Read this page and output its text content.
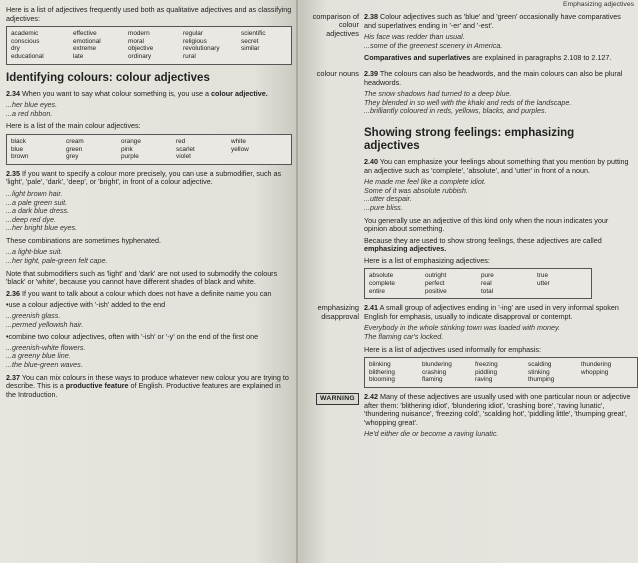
Here is a list of adjectives frequently used both as qualitative adjectives and as classifying adjectives:
academic	effective	modern	regular	scientific
conscious	emotional	moral	religious	secret
dry	extreme	objective	revolutionary	similar
educational	late	ordinary	rural
Identifying colours: colour adjectives
2.34 When you want to say what colour something is, you use a colour adjective.
...her blue eyes.
...a red ribbon.
Here is a list of the main colour adjectives:
black	cream	orange	red	white
blue	green	pink	scarlet	yellow
brown	grey	purple	violet
2.35 If you want to specify a colour more precisely, you can use a submodifier, such as 'light', 'pale', 'dark', 'deep', or 'bright', in front of a colour adjective.
...light brown hair.
...a pale green suit.
...a dark blue dress.
...deep red dye.
...her bright blue eyes.
These combinations are sometimes hyphenated.
...a light-blue suit.
...her tight, pale-green felt cape.
Note that submodifiers such as 'light' and 'dark' are not used to submodify the colours 'black' or 'white', because you cannot have different shades of black and white.
2.36 If you want to talk about a colour which does not have a definite name you can
• use a colour adjective with '-ish' added to the end
...greenish glass.
...permed yellowish hair.
• combine two colour adjectives, often with '-ish' or '-y' on the end of the first one
...greenish-white flowers.
...a greeny blue line.
...the blue-green waves.
2.37 You can mix colours in these ways to produce whatever new colour you are trying to describe. This is a productive feature of English. Productive features are explained in the Introduction.
Emphasizing adjectives
comparison of colour adjectives
2.38 Colour adjectives such as 'blue' and 'green' occasionally have comparatives and superlatives ending in '-er' and '-est'.
His face was redder than usual.
...some of the greenest scenery in America.
Comparatives and superlatives are explained in paragraphs 2.108 to 2.127.
colour nouns 2.39 The colours can also be headwords, and the main colours can also be plural headwords.
The snow shadows had turned to a deep blue.
They blended in so well with the khaki and reds of the landscape.
...brilliantly coloured in reds, yellows, blacks, and purples.
Showing strong feelings: emphasizing adjectives
2.40 You can emphasize your feelings about something that you mention by putting an adjective such as 'complete', 'absolute', and 'utter' in front of a noun.
He made me feel like a complete idiot.
Some of it was absolute rubbish.
...utter despair.
...pure bliss.
You generally use an adjective of this kind only when the noun indicates your opinion about something.
Because they are used to show strong feelings, these adjectives are called emphasizing adjectives.
Here is a list of emphasizing adjectives:
absolute	outright	pure	true
complete	perfect	real	utter
entire	positive	total
emphasizing disapproval
2.41 A small group of adjectives ending in '-ing' are used in very informal spoken English for emphasis, usually to indicate disapproval or contempt.
Everybody in the whole stinking town was loaded with money.
The flaming car's locked.
Here is a list of adjectives used informally for emphasis:
blinking	blundering	freezing	scalding	thundering
blithering	crashing	piddling	stinking	whopping
blooming	flaming	raving	thumping
WARNING	2.42 Many of these adjectives are usually used with one particular noun or adjective after them: 'blithering idiot', 'blundering idiot', 'crashing bore', 'raving lunatic', 'thundering nuisance', 'freezing cold', 'scalding hot', 'piddling little', 'thumping great', 'whopping great'.
He'd either die or become a raving lunatic.
